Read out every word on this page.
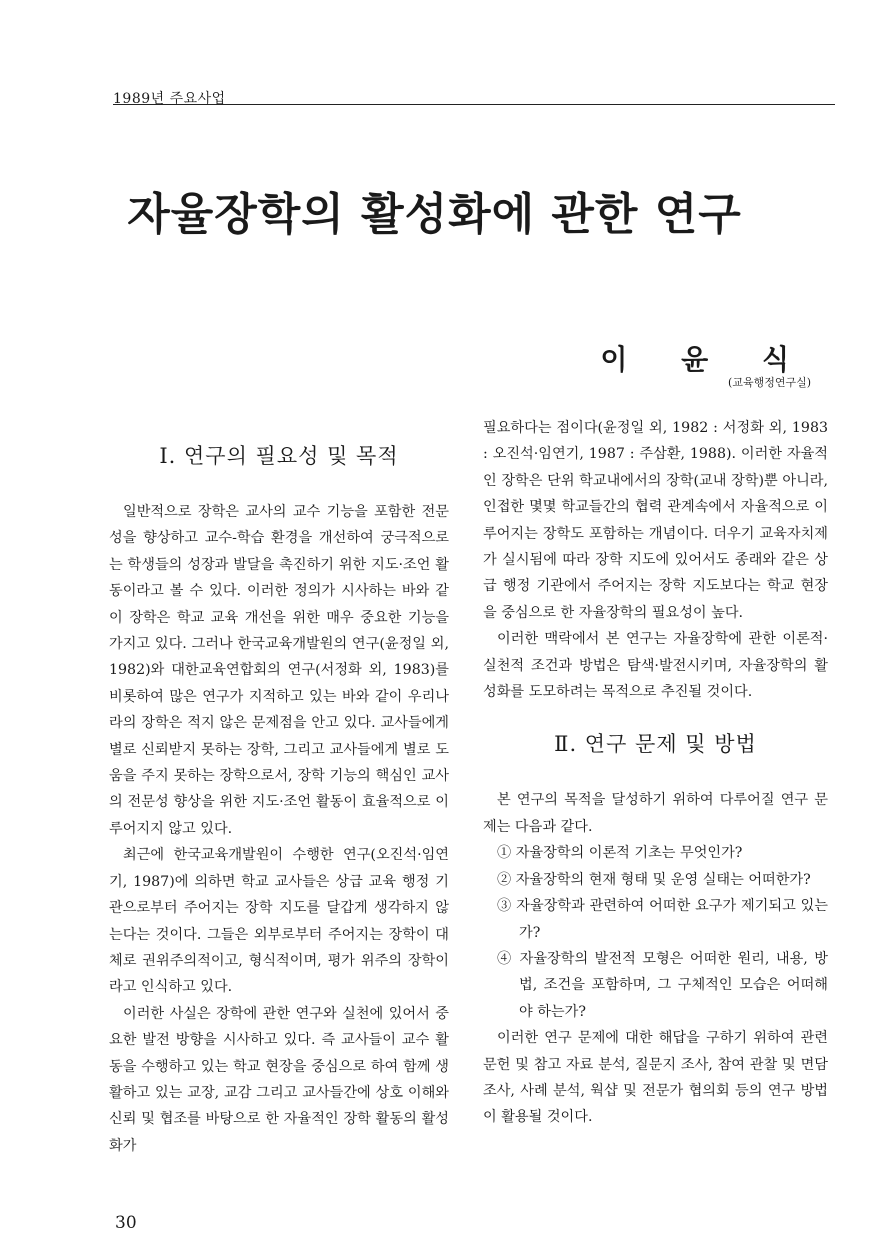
1989년 주요사업
자율장학의 활성화에 관한 연구
이 윤 식
(교육행정연구실)
Ⅰ. 연구의 필요성 및 목적

일반적으로 장학은 교사의 교수 기능을 포함한 전문성을 향상하고 교수-학습 환경을 개선하여 궁극적으로는 학생들의 성장과 발달을 촉진하기 위한 지도·조언 활동이라고 볼 수 있다. 이러한 정의가 시사하는 바와 같이 장학은 학교 교육 개선을 위한 매우 중요한 기능을 가지고 있다. 그러나 한국교육개발원의 연구(윤정일 외, 1982)와 대한교육연합회의 연구(서정화 외, 1983)를 비롯하여 많은 연구가 지적하고 있는 바와 같이 우리나라의 장학은 적지 않은 문제점을 안고 있다. 교사들에게 별로 신뢰받지 못하는 장학, 그리고 교사들에게 별로 도움을 주지 못하는 장학으로서, 장학 기능의 핵심인 교사의 전문성 향상을 위한 지도·조언 활동이 효율적으로 이루어지지 않고 있다.

최근에 한국교육개발원이 수행한 연구(오진석·임연기, 1987)에 의하면 학교 교사들은 상급 교육 행정 기관으로부터 주어지는 장학 지도를 달갑게 생각하지 않는다는 것이다. 그들은 외부로부터 주어지는 장학이 대체로 권위주의적이고, 형식적이며, 평가 위주의 장학이라고 인식하고 있다.

이러한 사실은 장학에 관한 연구와 실천에 있어서 중요한 발전 방향을 시사하고 있다. 즉 교사들이 교수 활동을 수행하고 있는 학교 현장을 중심으로 하여 함께 생활하고 있는 교장, 교감 그리고 교사들간에 상호 이해와 신뢰 및 협조를 바탕으로 한 자율적인 장학 활동의 활성화가

필요하다는 점이다(윤정일 외, 1982 : 서정화 외, 1983 : 오진석·임연기, 1987 : 주삼환, 1988). 이러한 자율적인 장학은 단위 학교내에서의 장학(교내 장학)뿐 아니라, 인접한 몇몇 학교들간의 협력 관계속에서 자율적으로 이루어지는 장학도 포함하는 개념이다. 더우기 교육자치제가 실시됨에 따라 장학 지도에 있어서도 종래와 같은 상급 행정 기관에서 주어지는 장학 지도보다는 학교 현장을 중심으로 한 자율장학의 필요성이 높다.

이러한 맥락에서 본 연구는 자율장학에 관한 이론적·실천적 조건과 방법은 탐색·발전시키며, 자율장학의 활성화를 도모하려는 목적으로 추진될 것이다.

Ⅱ. 연구 문제 및 방법

본 연구의 목적을 달성하기 위하여 다루어질 연구 문제는 다음과 같다.

① 자율장학의 이론적 기초는 무엇인가?
② 자율장학의 현재 형태 및 운영 실태는 어떠한가?
③ 자율장학과 관련하여 어떠한 요구가 제기되고 있는가?
④ 자율장학의 발전적 모형은 어떠한 원리, 내용, 방법, 조건을 포함하며, 그 구체적인 모습은 어떠해야 하는가?

이러한 연구 문제에 대한 해답을 구하기 위하여 관련 문헌 및 참고 자료 분석, 질문지 조사, 참여 관찰 및 면담 조사, 사례 분석, 웍샵 및 전문가 협의회 등의 연구 방법이 활용될 것이다.

30
